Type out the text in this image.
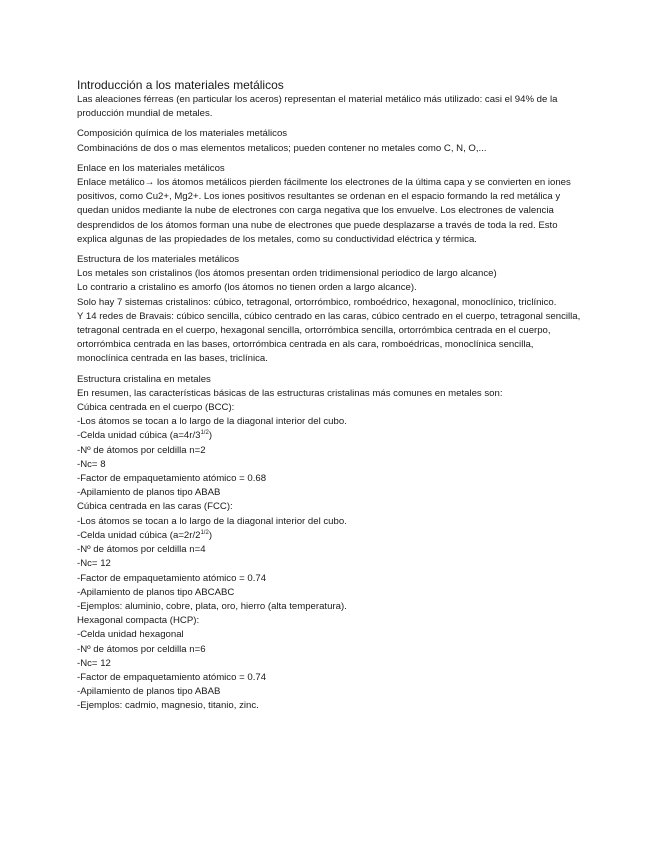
Introducción a los materiales metálicos

Las aleaciones férreas (en particular los aceros) representan el material metálico más utilizado: casi el 94% de la producción mundial de metales.

Composición química de los materiales metálicos

Combinacións de dos o mas elementos metalicos; pueden contener no metales como C, N, O,...

Enlace en los materiales metálicos

Enlace metálico→ los átomos metálicos pierden fácilmente los electrones de la última capa y se convierten en iones positivos, como Cu2+, Mg2+. Los iones positivos resultantes se ordenan en el espacio formando la red metálica y quedan unidos mediante la nube de electrones con carga negativa que los envuelve. Los electrones de valencia desprendidos de los átomos forman una nube de electrones que puede desplazarse a través de toda la red. Esto explica algunas de las propiedades de los metales, como su conductividad eléctrica y térmica.

Estructura de los materiales metálicos

Los metales son cristalinos (los átomos presentan orden tridimensional periodico de largo alcance)

Lo contrario a cristalino es amorfo (los átomos no tienen orden a largo alcance).

Solo hay 7 sistemas cristalinos: cúbico, tetragonal, ortorrómbico, romboédrico, hexagonal, monoclínico, triclínico.

Y 14 redes de Bravais: cúbico sencilla, cúbico centrado en las caras, cúbico centrado en el cuerpo, tetragonal sencilla, tetragonal centrada en el cuerpo, hexagonal sencilla, ortorrómbica sencilla, ortorrómbica centrada en el cuerpo, ortorrómbica centrada en las bases, ortorrómbica centrada en als cara, romboédricas, monoclínica sencilla, monoclínica centrada en las bases, triclínica.

Estructura cristalina en metales

En resumen, las características básicas de las estructuras cristalinas más comunes en metales son:

Cúbica centrada en el cuerpo (BCC):

-Los átomos se tocan a lo largo de la diagonal interior del cubo.
-Celda unidad cúbica $(a=4r/3^{1/2})$
-Nº de átomos por celdilla n=2
-Nc= 8
-Factor de empaquetamiento atómico = 0.68
-Apilamiento de planos tipo ABAB

Cúbica centrada en las caras (FCC):

-Los átomos se tocan a lo largo de la diagonal interior del cubo.
-Celda unidad cúbica $(a=2r/2^{1/2})$
-Nº de átomos por celdilla n=4
-Nc= 12
-Factor de empaquetamiento atómico = 0.74
-Apilamiento de planos tipo ABCABC
-Ejemplos: aluminio, cobre, plata, oro, hierro (alta temperatura).

Hexagonal compacta (HCP):

-Celda unidad hexagonal
-Nº de átomos por celdilla n=6
-Nc= 12
-Factor de empaquetamiento atómico = 0.74
-Apilamiento de planos tipo ABAB
-Ejemplos: cadmio, magnesio, titanio, zinc.
